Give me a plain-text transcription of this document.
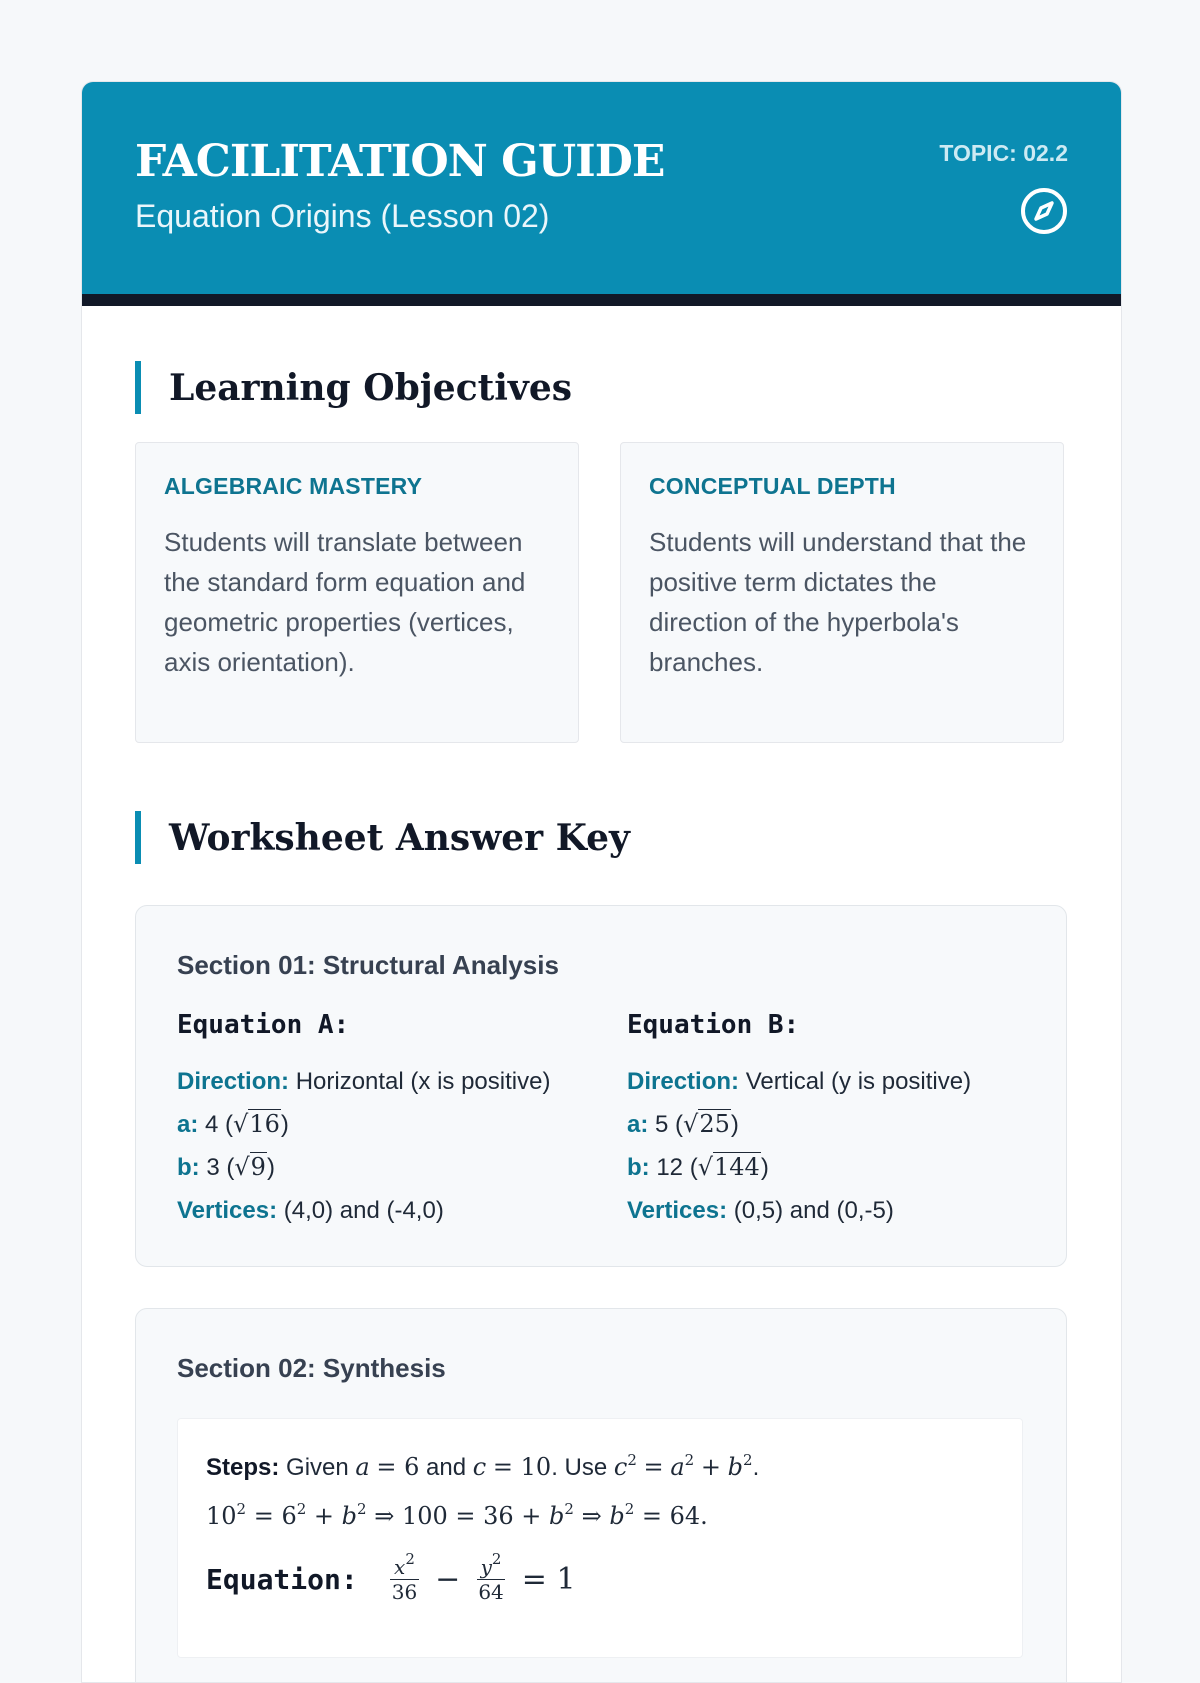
FACILITATION GUIDE
Equation Origins (Lesson 02)
TOPIC: 02.2
Learning Objectives
ALGEBRAIC MASTERY
Students will translate between the standard form equation and geometric properties (vertices, axis orientation).
CONCEPTUAL DEPTH
Students will understand that the positive term dictates the direction of the hyperbola's branches.
Worksheet Answer Key
Section 01: Structural Analysis
Equation A:
Direction: Horizontal (x is positive)
a: 4 (√16)
b: 3 (√9)
Vertices: (4,0) and (-4,0)
Equation B:
Direction: Vertical (y is positive)
a: 5 (√25)
b: 12 (√144)
Vertices: (0,5) and (0,-5)
Section 02: Synthesis
Steps: Given a = 6 and c = 10. Use $c^2 = a^2 + b^2$.
$10^2 = 6^2 + b^2$ ⇒ $100 = 36 + b^2$ ⇒ $b^2 = 64$.
Equation: $\frac{x^2}{36} - \frac{y^2}{64} = 1$
